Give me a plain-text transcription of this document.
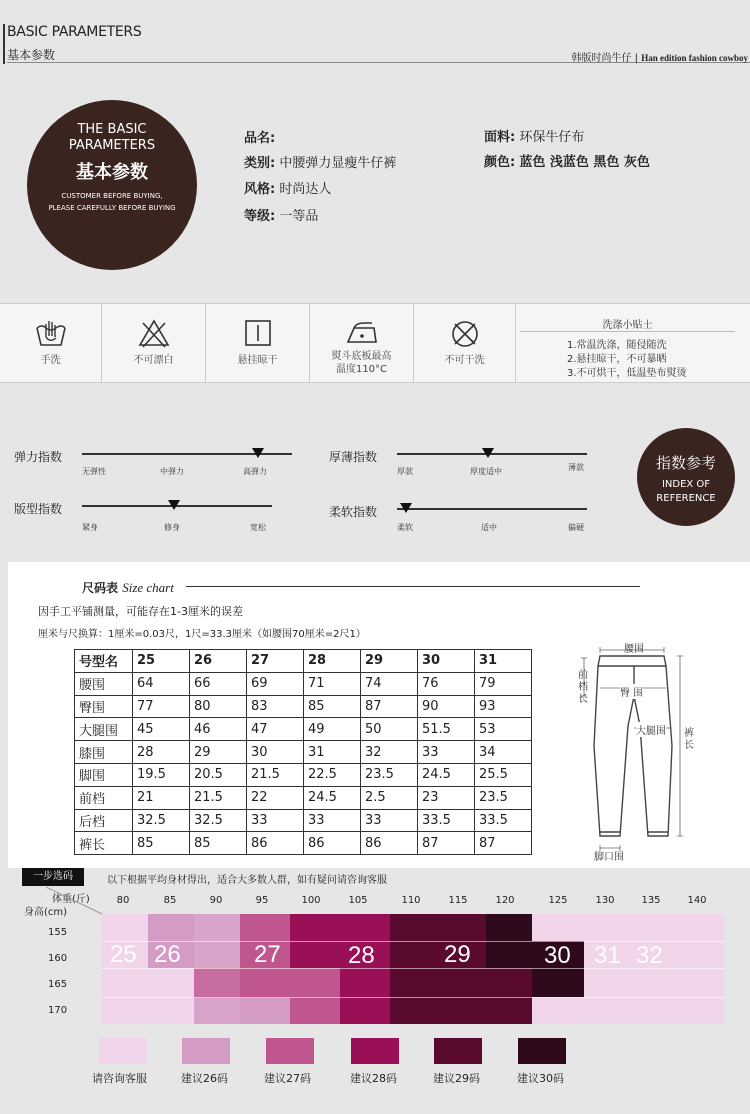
BASIC PARAMETERS
基本参数	韩版时尚牛仔 | Han edition fashion cowboy
THE BASIC
PARAMETERS
基本参数
CUSTOMER BEFORE BUYING,
PLEASE CAREFULLY BEFORE BUYING
品名:
类别: 中腰弹力显瘦牛仔裤
风格: 时尚达人
等级: 一等品
面料: 环保牛仔布
颜色: 蓝色 浅蓝色 黑色 灰色
手洗	不可漂白	悬挂晾干	熨斗底板最高
温度110°C
不可干洗
洗涤小贴士
1.常温洗涤，随侵随洗
2.悬挂晾干，不可暴晒
3.不可烘干，低温垫布熨烫
弹力指数
无弹性	中弹力	高弹力
厚薄指数
厚款	厚度适中	薄款
版型指数
紧身	修身	宽松
柔软指数
柔软	适中	偏硬
指数参考
INDEX OF
REFERENCE
尺码表 Size chart
因手工平铺测量，可能存在1-3厘米的误差
厘米与尺换算：1厘米=0.03尺，1尺=33.3厘米（如腰围70厘米=2尺1）
号型名	25	26	27	28	29	30	31
腰围	64	66	69	71	74	76	79
臀围	77	80	83	85	87	90	93
大腿围	45	46	47	49	50	51.5	53
膝围	28	29	30	31	32	33	34
脚围	19.5	20.5	21.5	22.5	23.5	24.5	25.5
前档	21	21.5	22	24.5	2.5	23	23.5
后档	32.5	32.5	33	33	33	33.5	33.5
裤长	85	85	86	86	86	87	87
腰围
前
档
长
臀 围
大腿围 裤
长
脚口围
一步选码	以下根据平均身材得出，适合大多数人群，如有疑问请咨询客服
体重(斤)
身高(cm)
80	85	90	95	100	105	110	115	120	125	130	135	140
155
160
165
170
25 26	27	28	29	30 31 32
请咨询客服	建议26码	建议27码	建议28码	建议29码	建议30码
